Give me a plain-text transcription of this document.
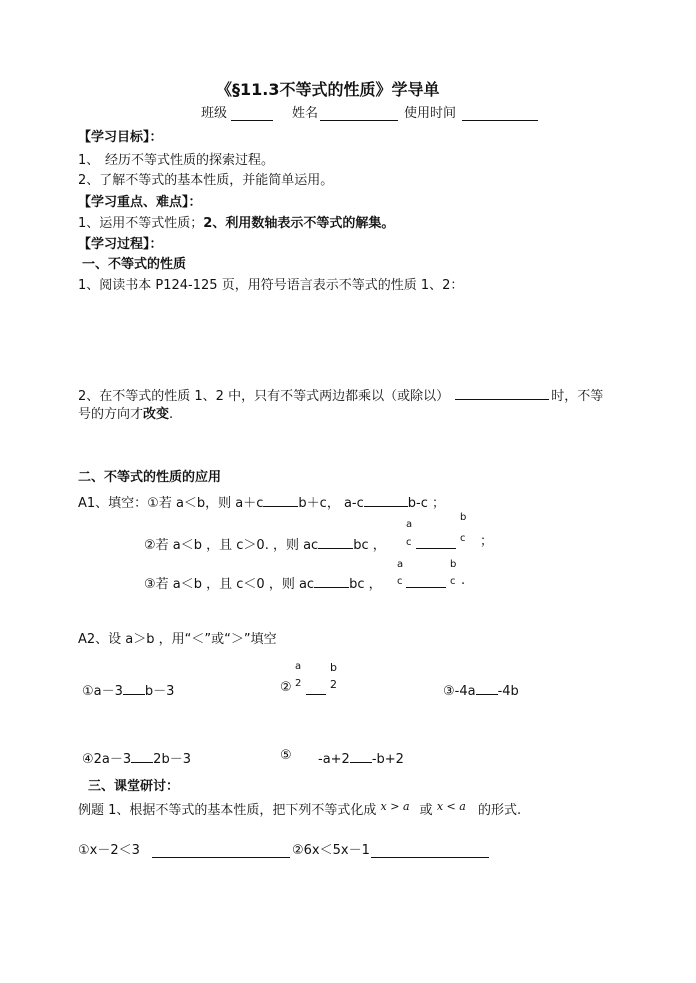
《§11.3不等式的性质》学导单
班级	姓名	使用时间
【学习目标】：
1、 经历不等式性质的探索过程。
2、了解不等式的基本性质，并能简单运用。
【学习重点、难点】：
1、运用不等式性质；2、利用数轴表示不等式的解集。
【学习过程】：
一、不等式的性质
1、阅读书本 P124-125 页，用符号语言表示不等式的性质 1、2：
2、在不等式的性质 1、2 中，只有不等式两边都乘以（或除以）	时，不等
号的方向才改变.
二、不等式的性质的应用
A1、填空：①若 a＜b，则 a＋c	b＋c， a-c	b-c ；
②若 a＜b ，且 c＞0. ，则 ac	bc ，
a
c
b
c ；
③若 a＜b ，且 c＜0 ，则 ac	bc ，
a
c
b
c .
A2、设 a＞b ，用“＜”或“＞”填空
①a－3 b－3	②
a
2
b
2	③-4a -4b
④2a－3 2b－3	⑤ -a+2 -b+2
三、课堂研讨：
例题 1、根据不等式的基本性质，把下列不等式化成 $^{x > a}$ 或 $^{x < a}$ 的形式.
①x－2＜3	②6x＜5x－1
